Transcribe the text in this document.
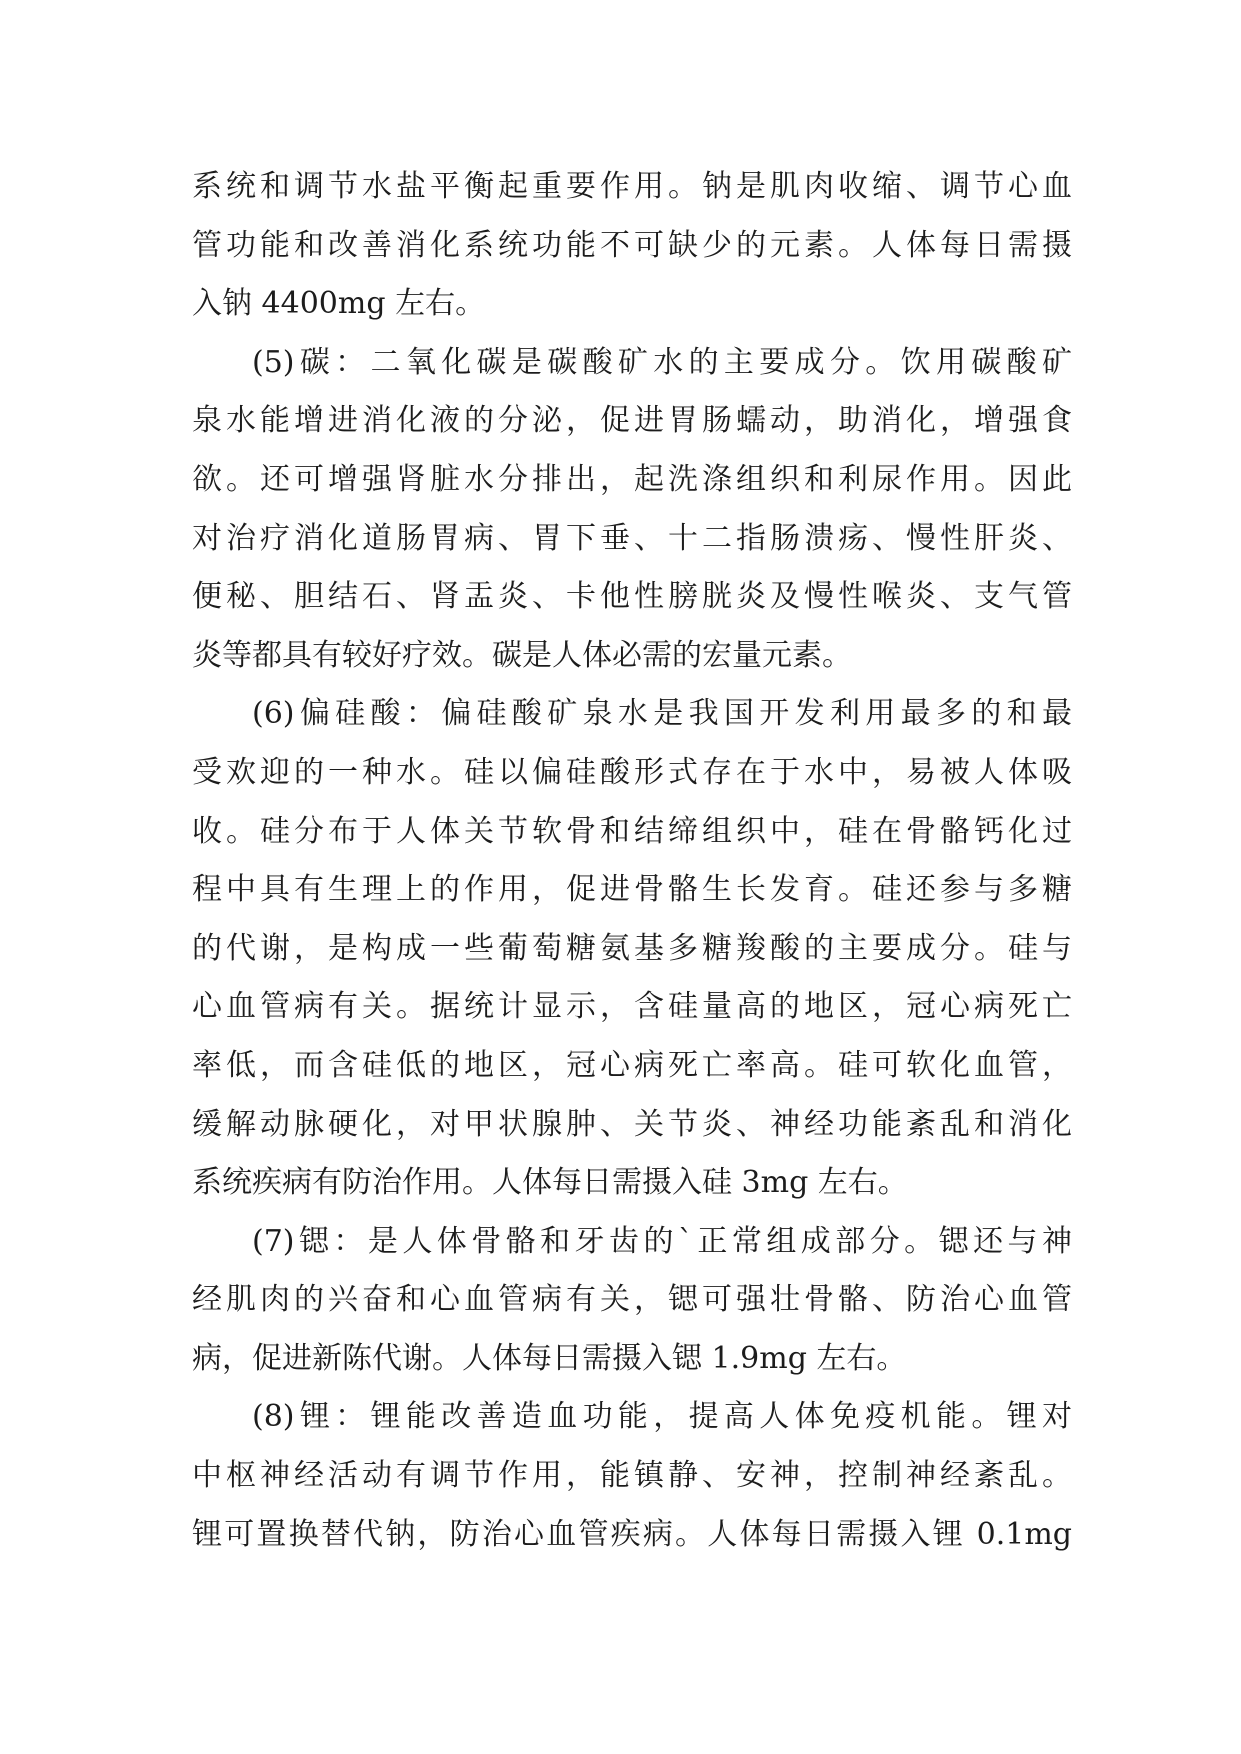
系统和调节水盐平衡起重要作用。钠是肌肉收缩、调节心血
管功能和改善消化系统功能不可缺少的元素。人体每日需摄
入钠 4400mg 左右。
(5)碳：二氧化碳是碳酸矿水的主要成分。饮用碳酸矿
泉水能增进消化液的分泌，促进胃肠蠕动，助消化，增强食
欲。还可增强肾脏水分排出，起洗涤组织和利尿作用。因此
对治疗消化道肠胃病、胃下垂、十二指肠溃疡、慢性肝炎、
便秘、胆结石、肾盂炎、卡他性膀胱炎及慢性喉炎、支气管
炎等都具有较好疗效。碳是人体必需的宏量元素。
(6)偏硅酸：偏硅酸矿泉水是我国开发利用最多的和最
受欢迎的一种水。硅以偏硅酸形式存在于水中，易被人体吸
收。硅分布于人体关节软骨和结缔组织中，硅在骨骼钙化过
程中具有生理上的作用，促进骨骼生长发育。硅还参与多糖
的代谢，是构成一些葡萄糖氨基多糖羧酸的主要成分。硅与
心血管病有关。据统计显示，含硅量高的地区，冠心病死亡
率低，而含硅低的地区，冠心病死亡率高。硅可软化血管，
缓解动脉硬化，对甲状腺肿、关节炎、神经功能紊乱和消化
系统疾病有防治作用。人体每日需摄入硅 3mg 左右。
(7)锶：是人体骨骼和牙齿的`正常组成部分。锶还与神
经肌肉的兴奋和心血管病有关，锶可强壮骨骼、防治心血管
病，促进新陈代谢。人体每日需摄入锶 1.9mg 左右。
(8)锂：锂能改善造血功能，提高人体免疫机能。锂对
中枢神经活动有调节作用，能镇静、安神，控制神经紊乱。
锂可置换替代钠，防治心血管疾病。人体每日需摄入锂 0.1mg
